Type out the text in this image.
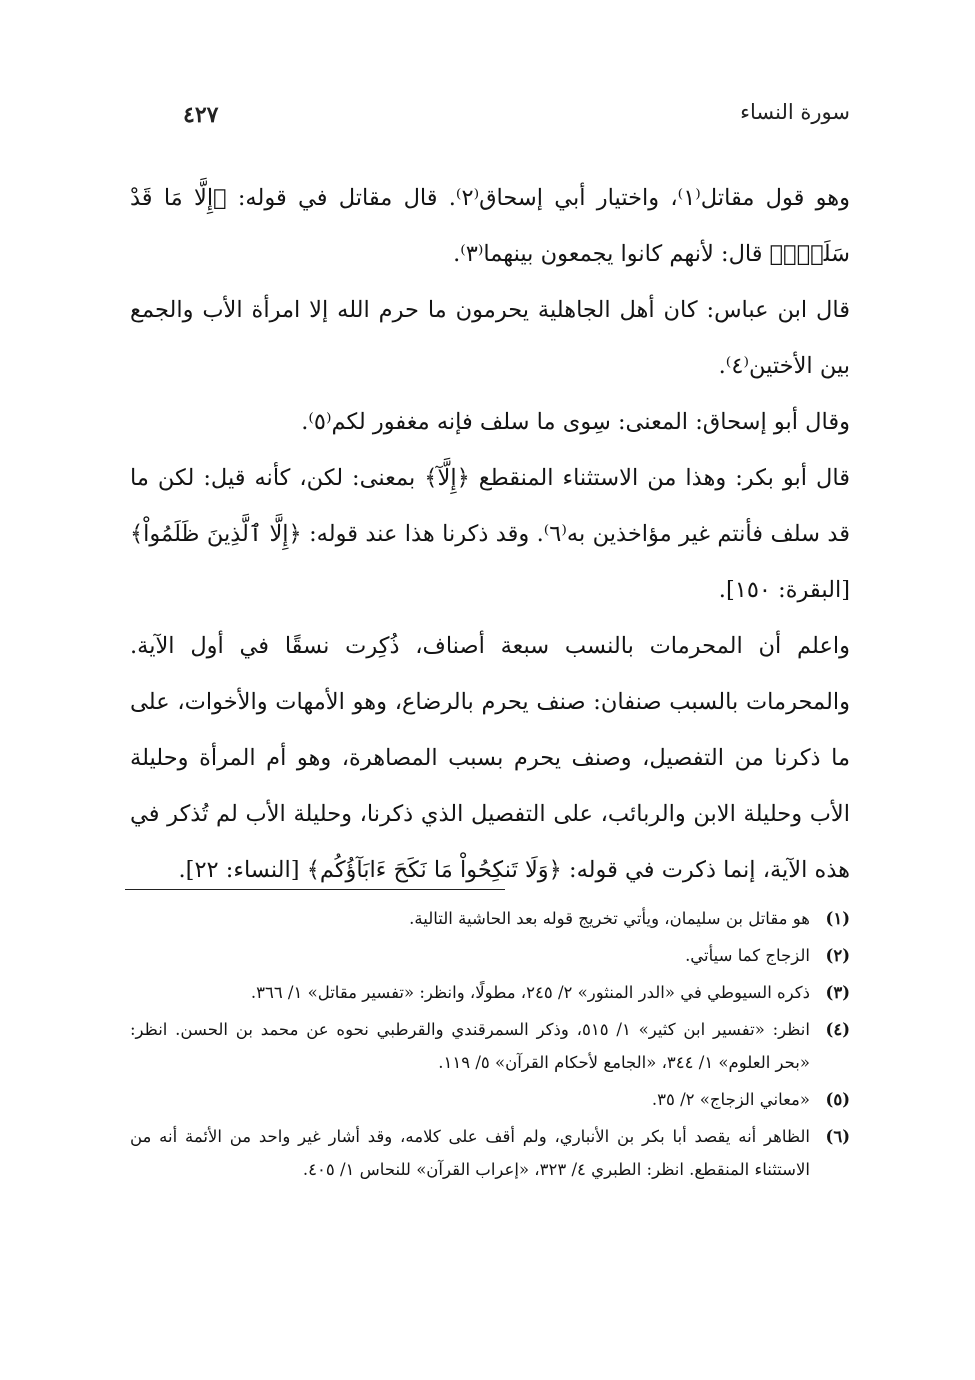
سورة النساء
٤٢٧

وهو قول مقاتل⁽١⁾، واختيار أبي إسحاق⁽٢⁾. قال مقاتل في قوله: ﴿إِلَّا مَا قَدْ سَلَفَۚ﴾ قال: لأنهم كانوا يجمعون بينهما⁽٣⁾.

قال ابن عباس: كان أهل الجاهلية يحرمون ما حرم الله إلا امرأة الأب والجمع بين الأختين⁽٤⁾.

وقال أبو إسحاق: المعنى: سِوى ما سلف فإنه مغفور لكم⁽٥⁾.

قال أبو بكر: وهذا من الاستثناء المنقطع ﴿إِلَّآ﴾ بمعنى: لكن، كأنه قيل: لكن ما قد سلف فأنتم غير مؤاخذين به⁽٦⁾. وقد ذكرنا هذا عند قوله: ﴿إِلَّا ٱلَّذِينَ ظَلَمُواْ﴾ [البقرة: ١٥٠].

واعلم أن المحرمات بالنسب سبعة أصناف، ذُكِرت نسقًا في أول الآية. والمحرمات بالسبب صنفان: صنف يحرم بالرضاع، وهو الأمهات والأخوات، على ما ذكرنا من التفصيل، وصنف يحرم بسبب المصاهرة، وهو أم المرأة وحليلة الأب وحليلة الابن والربائب، على التفصيل الذي ذكرنا، وحليلة الأب لم تُذكر في هذه الآية، إنما ذكرت في قوله: ﴿وَلَا تَنكِحُواْ مَا نَكَحَ ءَابَآؤُكُم﴾ [النساء: ٢٢].

(١)
هو مقاتل بن سليمان، ويأتي تخريج قوله بعد الحاشية التالية.
(٢)
الزجاج كما سيأتي.
(٣)
ذكره السيوطي في «الدر المنثور» ٢/ ٢٤٥، مطولًا، وانظر: «تفسير مقاتل» ١/ ٣٦٦.
(٤)
انظر: «تفسير ابن كثير» ١/ ٥١٥، وذكر السمرقندي والقرطبي نحوه عن محمد بن الحسن. انظر: «بحر العلوم» ١/ ٣٤٤، «الجامع لأحكام القرآن» ٥/ ١١٩.
(٥)
«معاني الزجاج» ٢/ ٣٥.
(٦)
الظاهر أنه يقصد أبا بكر بن الأنباري، ولم أقف على كلامه، وقد أشار غير واحد من الأئمة أنه من الاستثناء المنقطع. انظر: الطبري ٤/ ٣٢٣، «إعراب القرآن» للنحاس ١/ ٤٠٥.
